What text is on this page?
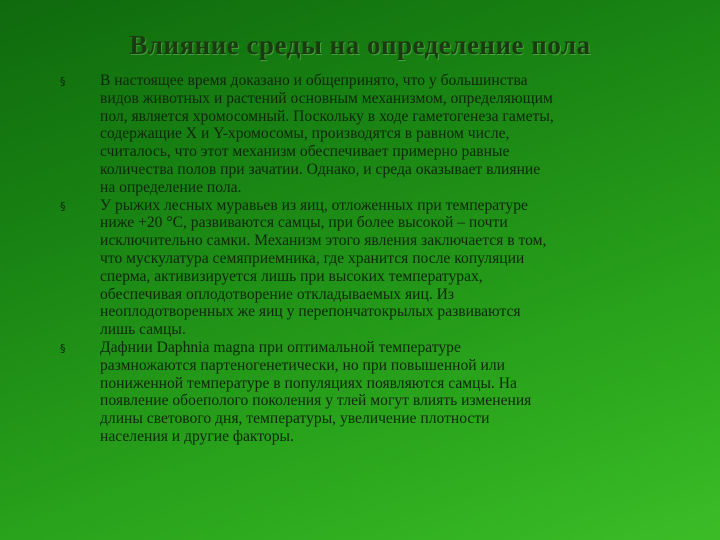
Влияние среды на определение пола
§ В настоящее время доказано и общепринято, что у большинства
видов животных и растений основным механизмом, определяющим
пол, является хромосомный. Поскольку в ходе гаметогенеза гаметы,
содержащие X и Y-хромосомы, производятся в равном числе,
считалось, что этот механизм обеспечивает примерно равные
количества полов при зачатии. Однако, и среда оказывает влияние
на определение пола.
§ У рыжих лесных муравьев из яиц, отложенных при температуре
ниже +20 °С, развиваются самцы, при более высокой – почти
исключительно самки. Механизм этого явления заключается в том,
что мускулатура семяприемника, где хранится после копуляции
сперма, активизируется лишь при высоких температурах,
обеспечивая оплодотворение откладываемых яиц. Из
неоплодотворенных же яиц у перепончатокрылых развиваются
лишь самцы.
§ Дафнии Daphnia magna при оптимальной температуре
размножаются партеногенетически, но при повышенной или
пониженной температуре в популяциях появляются самцы. На
появление обоеполого поколения у тлей могут влиять изменения
длины светового дня, температуры, увеличение плотности
населения и другие факторы.
